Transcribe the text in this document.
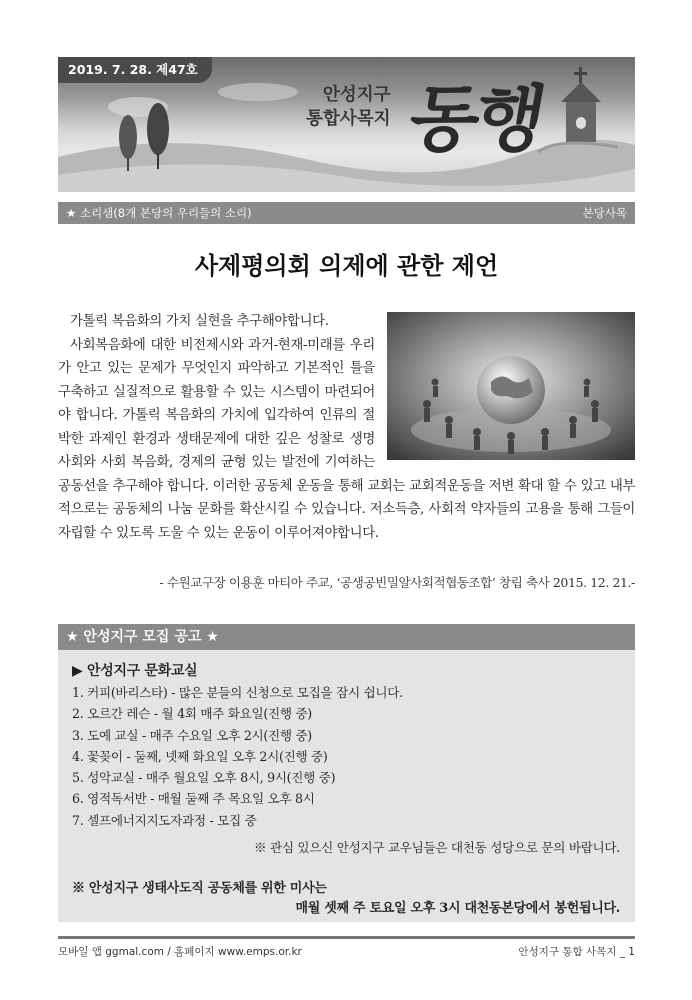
2019. 7. 28. 제47호
안성지구
통합사목지 동행
★ 소리샘(8개 본당의 우리들의 소리)	본당사목
사제평의회 의제에 관한 제언

가톨릭 복음화의 가치 실현을 추구해야합니다.

사회복음화에 대한 비전제시와 과거-현재-미래를 우리가 안고 있는 문제가 무엇인지 파악하고 기본적인 틀을 구축하고 실질적으로 활용할 수 있는 시스템이 마련되어야 합니다. 가톨릭 복음화의 가치에 입각하여 인류의 절박한 과제인 환경과 생태문제에 대한 깊은 성찰로 생명 사회와 사회 복음화, 경제의 균형 있는 발전에 기여하는 공동선을 추구해야 합니다. 이러한 공동체 운동을 통해 교회는 교회적운동을 저변 확대 할 수 있고 내부적으로는 공동체의 나눔 문화를 확산시킬 수 있습니다. 저소득층, 사회적 약자들의 고용을 통해 그들이 자립할 수 있도록 도울 수 있는 운동이 이루어져야합니다.

- 수원교구장 이용훈 마티아 주교, ‘공생공빈밀알사회적협동조합’ 창립 축사 2015. 12. 21.-
★ 안성지구 모집 공고 ★
▶ 안성지구 문화교실
1. 커피(바리스타) - 많은 분들의 신청으로 모집을 잠시 쉽니다.
2. 오르간 레슨 - 월 4회 매주 화요일(진행 중)
3. 도예 교실 - 매주 수요일 오후 2시(진행 중)
4. 꽃꽂이 - 둘째, 넷째 화요일 오후 2시(진행 중)
5. 성악교실 - 매주 월요일 오후 8시, 9시(진행 중)
6. 영적독서반 - 매월 둘째 주 목요일 오후 8시
7. 셀프에너지지도자과정 - 모집 중
※ 관심 있으신 안성지구 교우님들은 대천동 성당으로 문의 바랍니다.
※ 안성지구 생태사도직 공동체를 위한 미사는
매월 셋째 주 토요일 오후 3시 대천동본당에서 봉헌됩니다.
모바일 앱 ggmal.com / 홈페이지 www.emps.or.kr	안성지구 통합 사목지 _ 1
